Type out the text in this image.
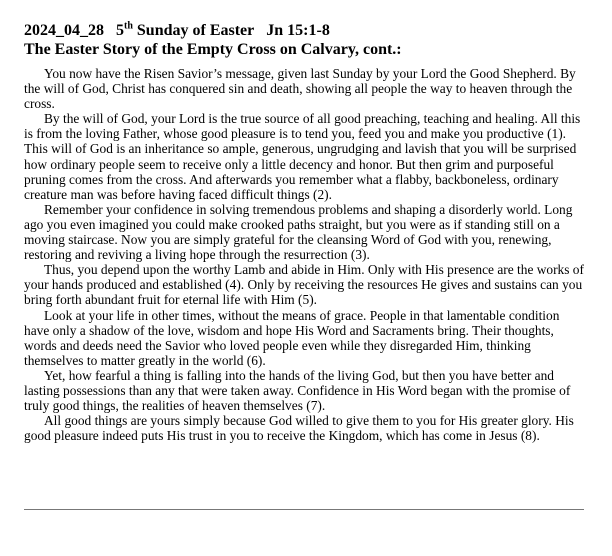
2024_04_28 5th Sunday of Easter Jn 15:1-8
The Easter Story of the Empty Cross on Calvary, cont.:

You now have the Risen Savior’s message, given last Sunday by your Lord the Good Shepherd. By the will of God, Christ has conquered sin and death, showing all people the way to heaven through the cross.

By the will of God, your Lord is the true source of all good preaching, teaching and healing. All this is from the loving Father, whose good pleasure is to tend you, feed you and make you productive (1). This will of God is an inheritance so ample, generous, ungrudging and lavish that you will be surprised how ordinary people seem to receive only a little decency and honor. But then grim and purposeful pruning comes from the cross. And afterwards you remember what a flabby, backboneless, ordinary creature man was before having faced difficult things (2).

Remember your confidence in solving tremendous problems and shaping a disorderly world. Long ago you even imagined you could make crooked paths straight, but you were as if standing still on a moving staircase. Now you are simply grateful for the cleansing Word of God with you, renewing, restoring and reviving a living hope through the resurrection (3).

Thus, you depend upon the worthy Lamb and abide in Him. Only with His presence are the works of your hands produced and established (4). Only by receiving the resources He gives and sustains can you bring forth abundant fruit for eternal life with Him (5).

Look at your life in other times, without the means of grace. People in that lamentable condition have only a shadow of the love, wisdom and hope His Word and Sacraments bring. Their thoughts, words and deeds need the Savior who loved people even while they disregarded Him, thinking themselves to matter greatly in the world (6).

Yet, how fearful a thing is falling into the hands of the living God, but then you have better and lasting possessions than any that were taken away. Confidence in His Word began with the promise of truly good things, the realities of heaven themselves (7).

All good things are yours simply because God willed to give them to you for His greater glory. His good pleasure indeed puts His trust in you to receive the Kingdom, which has come in Jesus (8).
